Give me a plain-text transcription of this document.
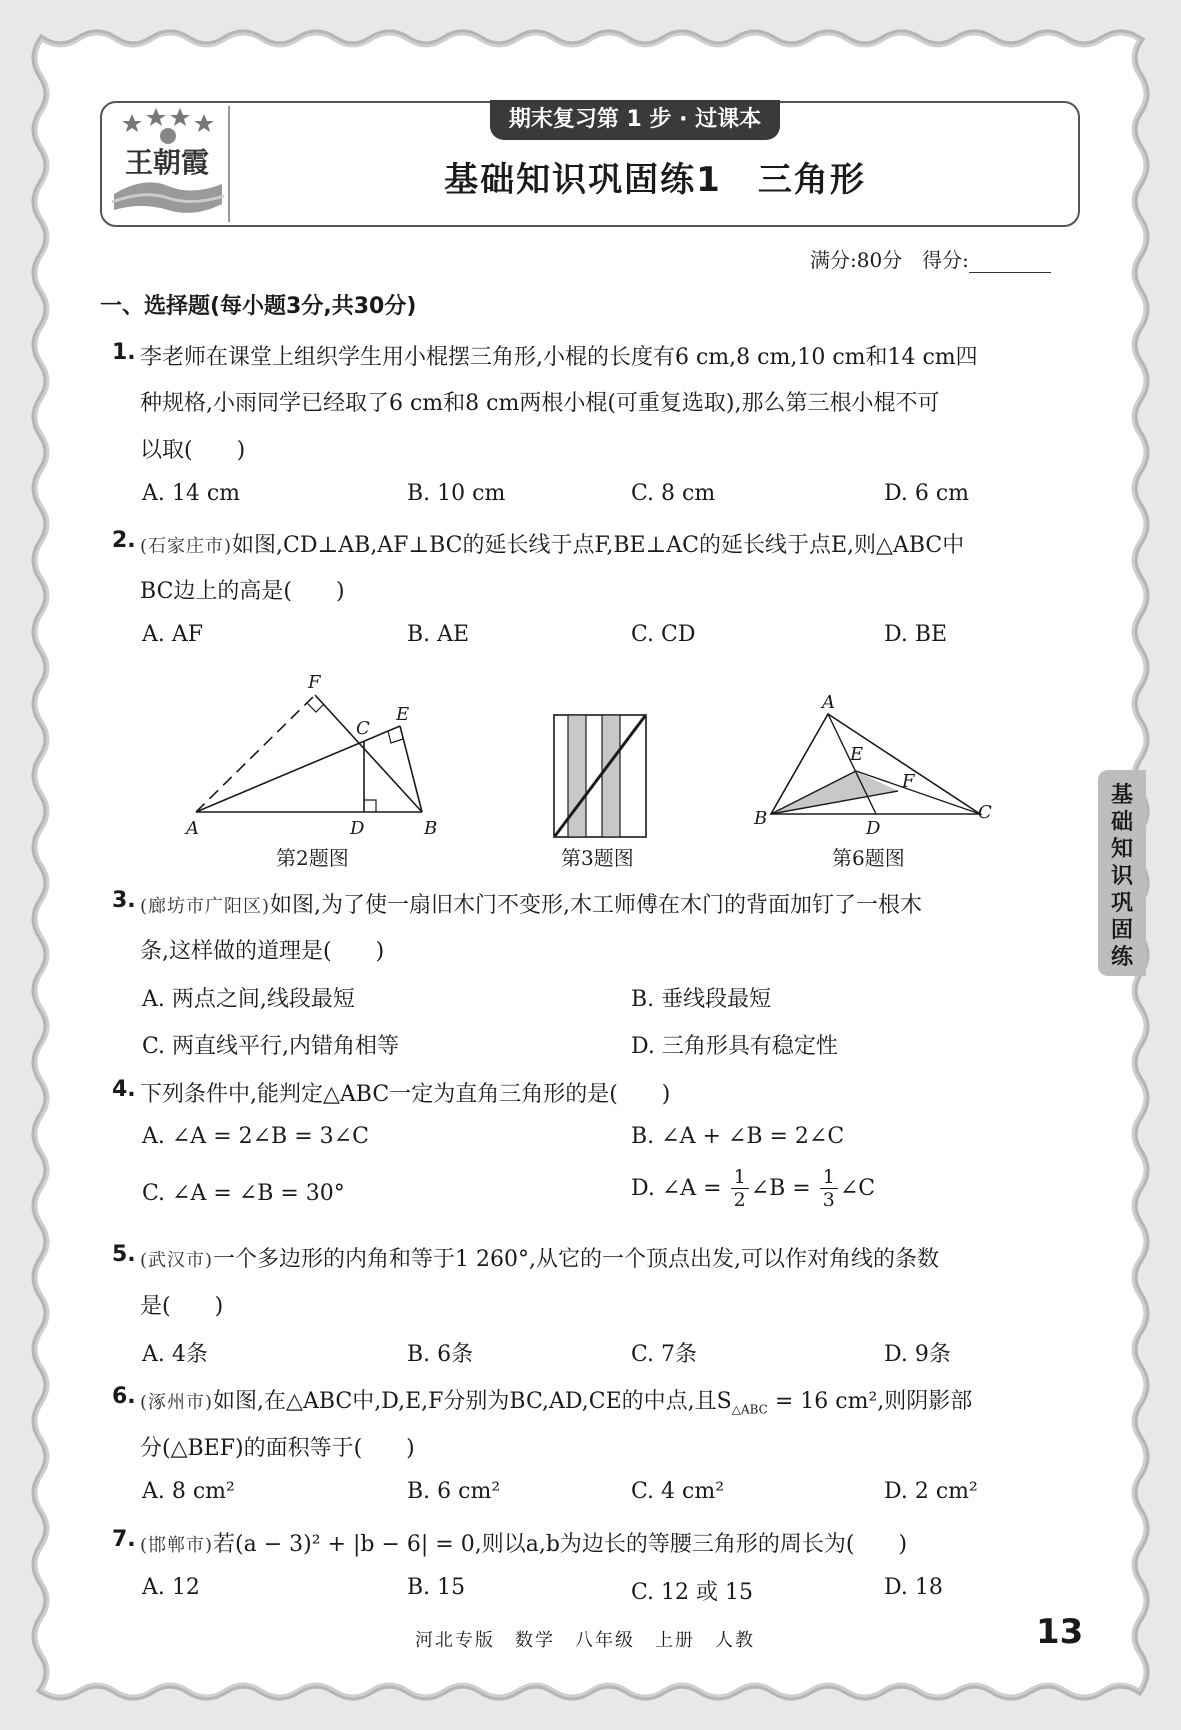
王朝霞
期末复习第 1 步 · 过课本
基础知识巩固练1　三角形
满分:80分　得分:
一、选择题(每小题3分,共30分)
1. 李老师在课堂上组织学生用小棍摆三角形,小棍的长度有6 cm,8 cm,10 cm和14 cm四
种规格,小雨同学已经取了6 cm和8 cm两根小棍(可重复选取),那么第三根小棍不可
以取(　　)
A. 14 cm	B. 10 cm	C. 8 cm	D. 6 cm
2. (石家庄市)如图,CD⊥AB,AF⊥BC的延长线于点F,BE⊥AC的延长线于点E,则△ABC中
BC边上的高是(　　)
A. AF	B. AE	C. CD	D. BE
F
C
E
A	D	B
第2题图	第3题图
A
E
F
B	D
C
第6题图
3. (廊坊市广阳区)如图,为了使一扇旧木门不变形,木工师傅在木门的背面加钉了一根木
条,这样做的道理是(　　)
A. 两点之间,线段最短	B. 垂线段最短
C. 两直线平行,内错角相等	D. 三角形具有稳定性
4. 下列条件中,能判定△ABC一定为直角三角形的是(　　)
A. ∠A = 2∠B = 3∠C	B. ∠A + ∠B = 2∠C
C. ∠A = ∠B = 30°	D. ∠A = $\frac{1}{2}$ ∠B = $\frac{1}{3}$ ∠C
5. (武汉市)一个多边形的内角和等于1 260°,从它的一个顶点出发,可以作对角线的条数
是(　　)
A. 4条	B. 6条	C. 7条	D. 9条
6. (涿州市)如图,在△ABC中,D,E,F分别为BC,AD,CE的中点,且$S_{\triangle ABC} = 16$ cm²,则阴影部
分(△BEF)的面积等于(　　)
A. 8 cm²	B. 6 cm²	C. 4 cm²	D. 2 cm²
7. (邯郸市)若(a − 3)² + |b − 6| = 0,则以a,b为边长的等腰三角形的周长为(　　)
A. 12	B. 15	C. 12 或 15	D. 18
基
础
知
识
巩
固
练
河北专版　数学　八年级　上册　人教	13
